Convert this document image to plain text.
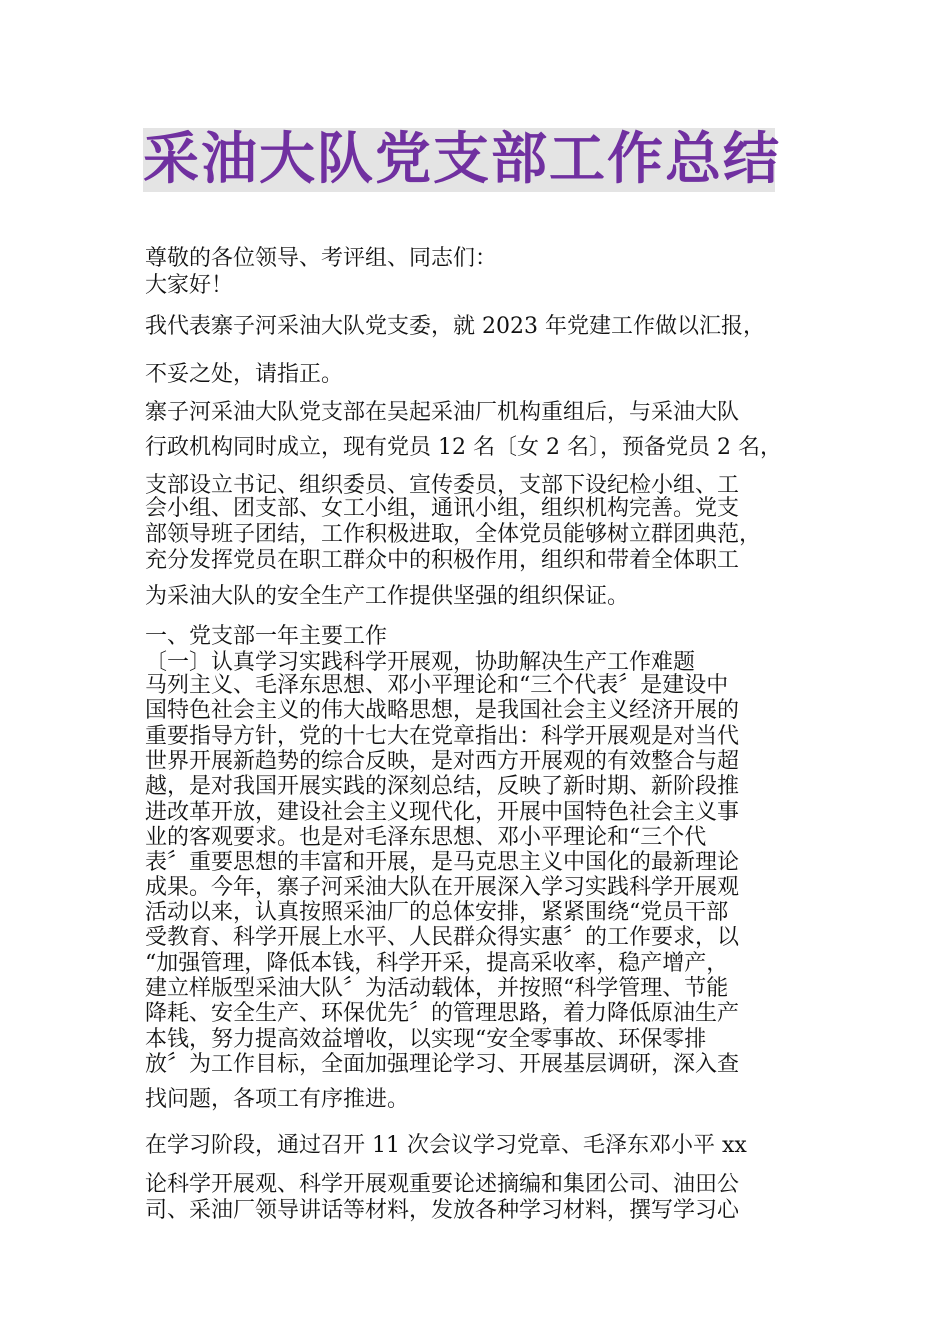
采油大队党支部工作总结
尊敬的各位领导、考评组、同志们：
大家好！
我代表寨子河采油大队党支委，就 2023 年党建工作做以汇报，
不妥之处，请指正。
寨子河采油大队党支部在吴起采油厂机构重组后，与采油大队
行政机构同时成立，现有党员 12 名〔女 2 名〕，预备党员 2 名，
支部设立书记、组织委员、宣传委员，支部下设纪检小组、工
会小组、团支部、女工小组，通讯小组，组织机构完善。党支
部领导班子团结，工作积极进取，全体党员能够树立群团典范，
充分发挥党员在职工群众中的积极作用，组织和带着全体职工
为采油大队的安全生产工作提供坚强的组织保证。
一、党支部一年主要工作
〔一〕认真学习实践科学开展观，协助解决生产工作难题
马列主义、毛泽东思想、邓小平理论和“三个代表〞是建设中
国特色社会主义的伟大战略思想，是我国社会主义经济开展的
重要指导方针，党的十七大在党章指出：科学开展观是对当代
世界开展新趋势的综合反映，是对西方开展观的有效整合与超
越，是对我国开展实践的深刻总结，反映了新时期、新阶段推
进改革开放，建设社会主义现代化，开展中国特色社会主义事
业的客观要求。也是对毛泽东思想、邓小平理论和“三个代
表〞重要思想的丰富和开展，是马克思主义中国化的最新理论
成果。今年，寨子河采油大队在开展深入学习实践科学开展观
活动以来，认真按照采油厂的总体安排，紧紧围绕“党员干部
受教育、科学开展上水平、人民群众得实惠〞的工作要求，以
“加强管理，降低本钱，科学开采，提高采收率，稳产增产，
建立样版型采油大队〞为活动载体，并按照“科学管理、节能
降耗、安全生产、环保优先〞的管理思路，着力降低原油生产
本钱，努力提高效益增收，以实现“安全零事故、环保零排
放〞为工作目标，全面加强理论学习、开展基层调研，深入查
找问题，各项工有序推进。
在学习阶段，通过召开 11 次会议学习党章、毛泽东邓小平 xx
论科学开展观、科学开展观重要论述摘编和集团公司、油田公
司、采油厂领导讲话等材料，发放各种学习材料，撰写学习心
